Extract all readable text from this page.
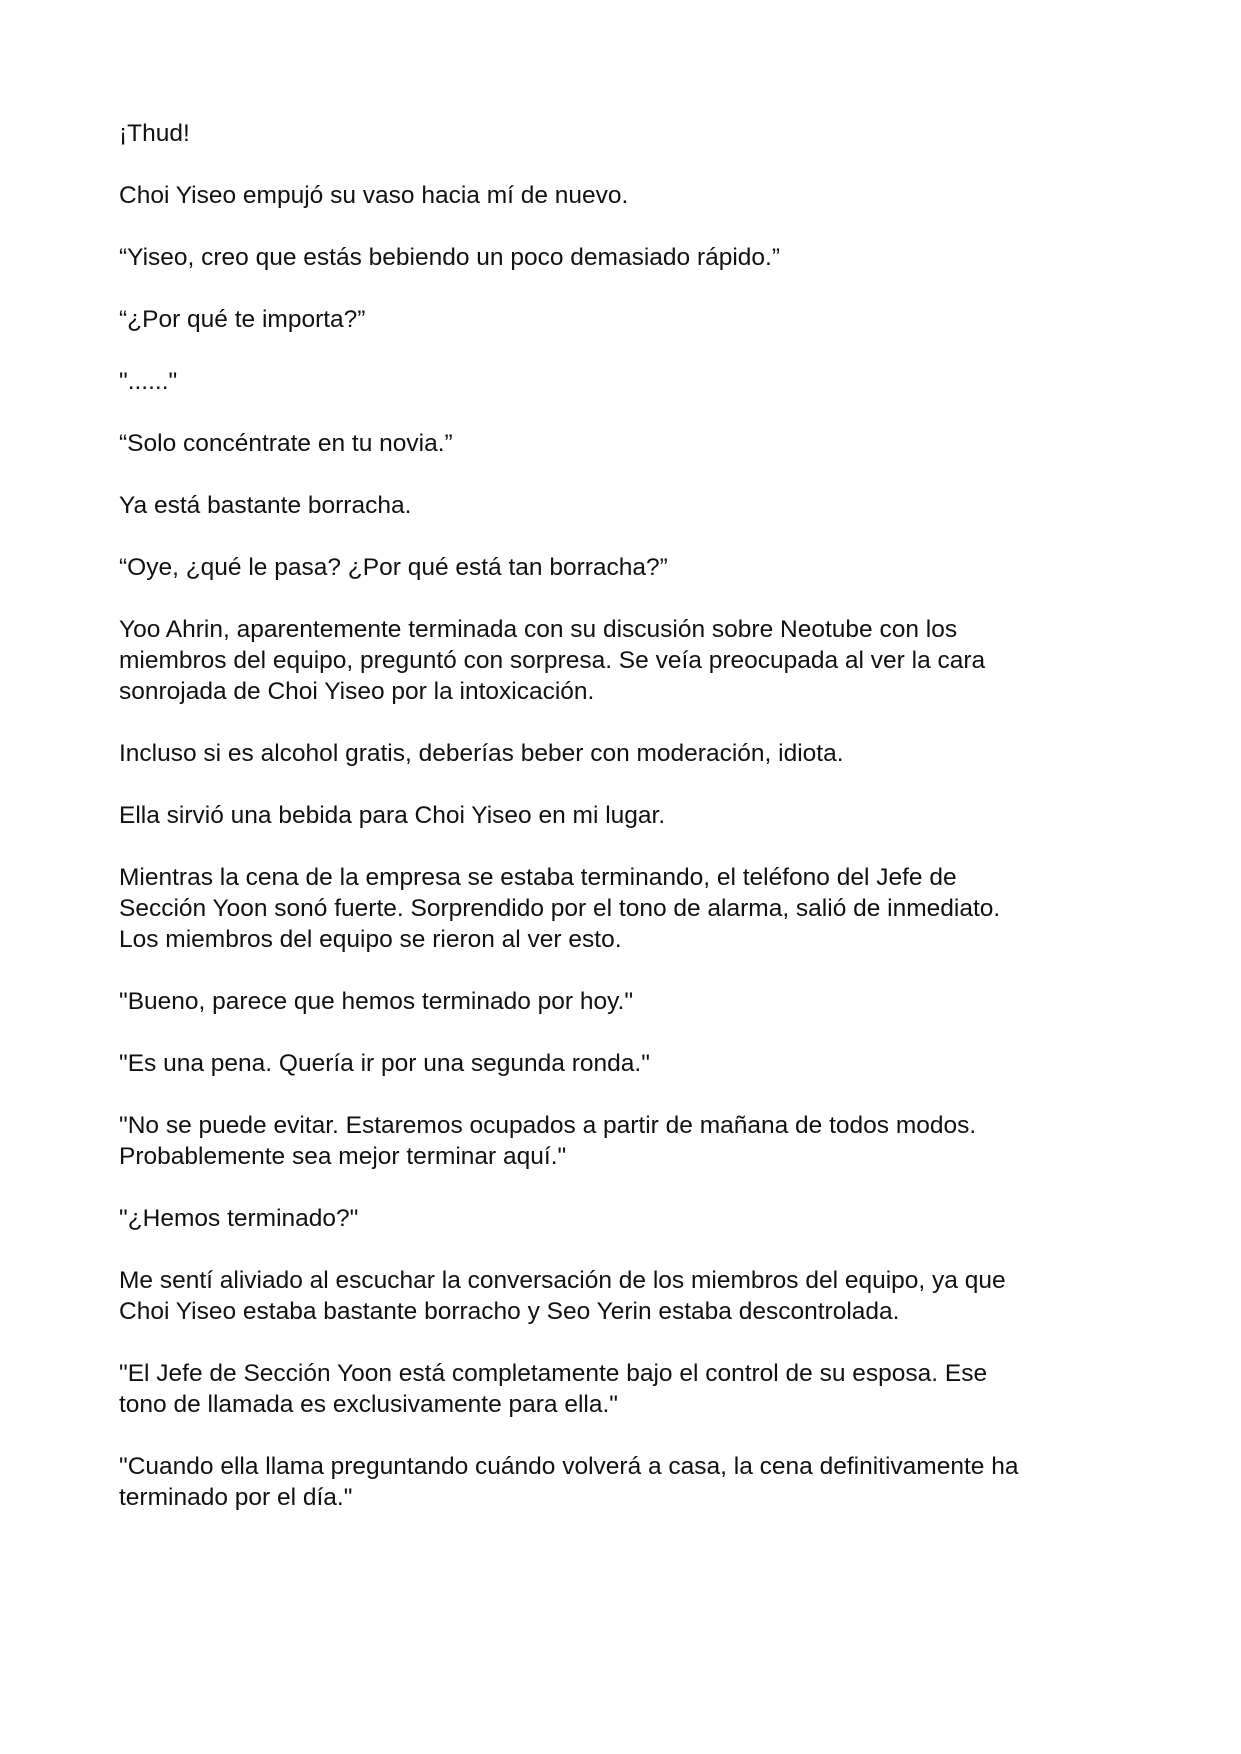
¡Thud!

Choi Yiseo empujó su vaso hacia mí de nuevo.

“Yiseo, creo que estás bebiendo un poco demasiado rápido.”

“¿Por qué te importa?”

"......"

“Solo concéntrate en tu novia.”

Ya está bastante borracha.

“Oye, ¿qué le pasa? ¿Por qué está tan borracha?”

Yoo Ahrin, aparentemente terminada con su discusión sobre Neotube con los
miembros del equipo, preguntó con sorpresa. Se veía preocupada al ver la cara
sonrojada de Choi Yiseo por la intoxicación.

Incluso si es alcohol gratis, deberías beber con moderación, idiota.

Ella sirvió una bebida para Choi Yiseo en mi lugar.

Mientras la cena de la empresa se estaba terminando, el teléfono del Jefe de
Sección Yoon sonó fuerte. Sorprendido por el tono de alarma, salió de inmediato.
Los miembros del equipo se rieron al ver esto.

"Bueno, parece que hemos terminado por hoy."

"Es una pena. Quería ir por una segunda ronda."

"No se puede evitar. Estaremos ocupados a partir de mañana de todos modos.
Probablemente sea mejor terminar aquí."

"¿Hemos terminado?"

Me sentí aliviado al escuchar la conversación de los miembros del equipo, ya que
Choi Yiseo estaba bastante borracho y Seo Yerin estaba descontrolada.

"El Jefe de Sección Yoon está completamente bajo el control de su esposa. Ese
tono de llamada es exclusivamente para ella."

"Cuando ella llama preguntando cuándo volverá a casa, la cena definitivamente ha
terminado por el día."
